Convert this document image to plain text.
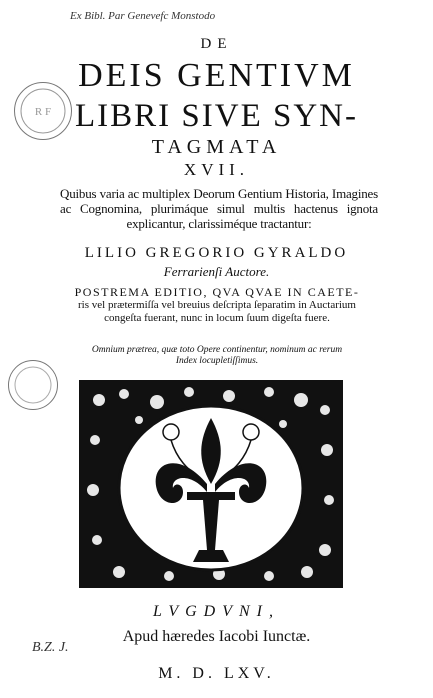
Ex Bibl. Par Genevefc Monstodo
R F
DE
DEIS GENTIVM
LIBRI SIVE SYN-
TAGMATA
XVII.
Quibus varia ac multiplex Deorum Gentium Historia, Imagines ac Cognomina, plurimáque simul multis hactenus ignota explicantur, clarissiméque tractantur:
LILIO GREGORIO GYRALDO
Ferrarienſi Auctore.
POSTREMA EDITIO, QVA QVAE IN CAETE-
ris vel prætermiſſa vel breuius deſcripta ſeparatim in Auctarium congeſta fuerant, nunc in locum ſuum digeſta fuere.
Omnium prætrea, quæ toto Opere continentur, nominum ac rerum Index locupletiſſimus.
LVGDVNI,
Apud hæredes Iacobi Iunctæ.
M. D. LXV.
B.Z. J.
